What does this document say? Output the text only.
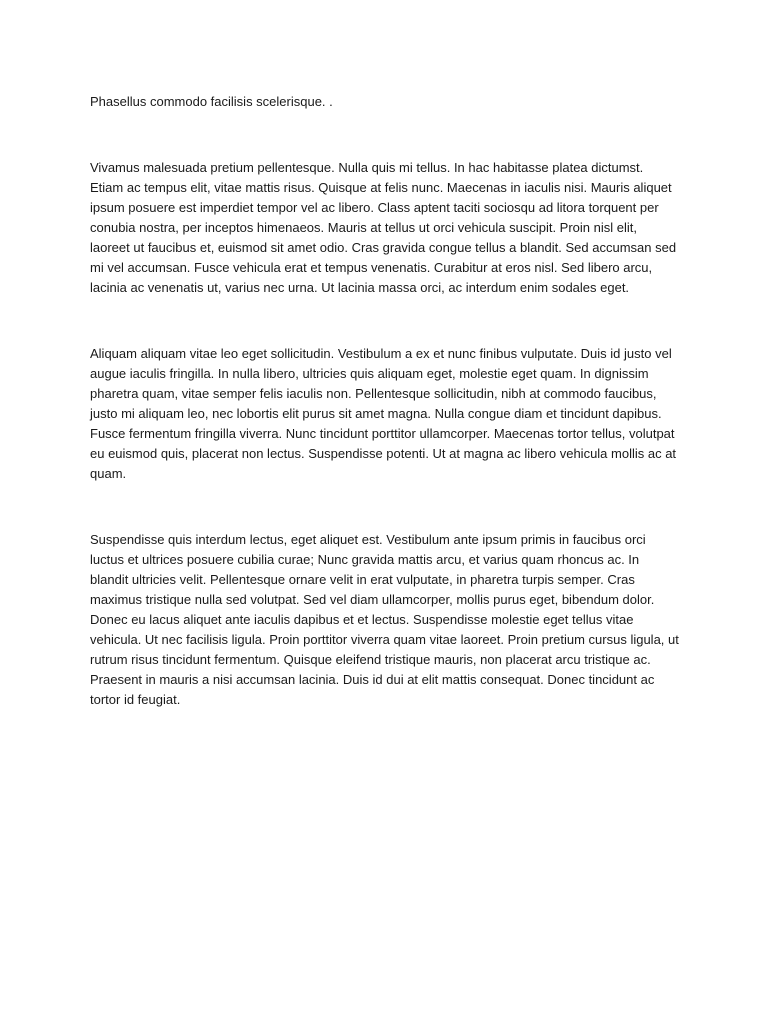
Phasellus commodo facilisis scelerisque. .

Vivamus malesuada pretium pellentesque. Nulla quis mi tellus. In hac habitasse platea dictumst. Etiam ac tempus elit, vitae mattis risus. Quisque at felis nunc. Maecenas in iaculis nisi. Mauris aliquet ipsum posuere est imperdiet tempor vel ac libero. Class aptent taciti sociosqu ad litora torquent per conubia nostra, per inceptos himenaeos. Mauris at tellus ut orci vehicula suscipit. Proin nisl elit, laoreet ut faucibus et, euismod sit amet odio. Cras gravida congue tellus a blandit. Sed accumsan sed mi vel accumsan. Fusce vehicula erat et tempus venenatis. Curabitur at eros nisl. Sed libero arcu, lacinia ac venenatis ut, varius nec urna. Ut lacinia massa orci, ac interdum enim sodales eget.

Aliquam aliquam vitae leo eget sollicitudin. Vestibulum a ex et nunc finibus vulputate. Duis id justo vel augue iaculis fringilla. In nulla libero, ultricies quis aliquam eget, molestie eget quam. In dignissim pharetra quam, vitae semper felis iaculis non. Pellentesque sollicitudin, nibh at commodo faucibus, justo mi aliquam leo, nec lobortis elit purus sit amet magna. Nulla congue diam et tincidunt dapibus. Fusce fermentum fringilla viverra. Nunc tincidunt porttitor ullamcorper. Maecenas tortor tellus, volutpat eu euismod quis, placerat non lectus. Suspendisse potenti. Ut at magna ac libero vehicula mollis ac at quam.

Suspendisse quis interdum lectus, eget aliquet est. Vestibulum ante ipsum primis in faucibus orci luctus et ultrices posuere cubilia curae; Nunc gravida mattis arcu, et varius quam rhoncus ac. In blandit ultricies velit. Pellentesque ornare velit in erat vulputate, in pharetra turpis semper. Cras maximus tristique nulla sed volutpat. Sed vel diam ullamcorper, mollis purus eget, bibendum dolor. Donec eu lacus aliquet ante iaculis dapibus et et lectus. Suspendisse molestie eget tellus vitae vehicula. Ut nec facilisis ligula. Proin porttitor viverra quam vitae laoreet. Proin pretium cursus ligula, ut rutrum risus tincidunt fermentum. Quisque eleifend tristique mauris, non placerat arcu tristique ac. Praesent in mauris a nisi accumsan lacinia. Duis id dui at elit mattis consequat. Donec tincidunt ac tortor id feugiat.
